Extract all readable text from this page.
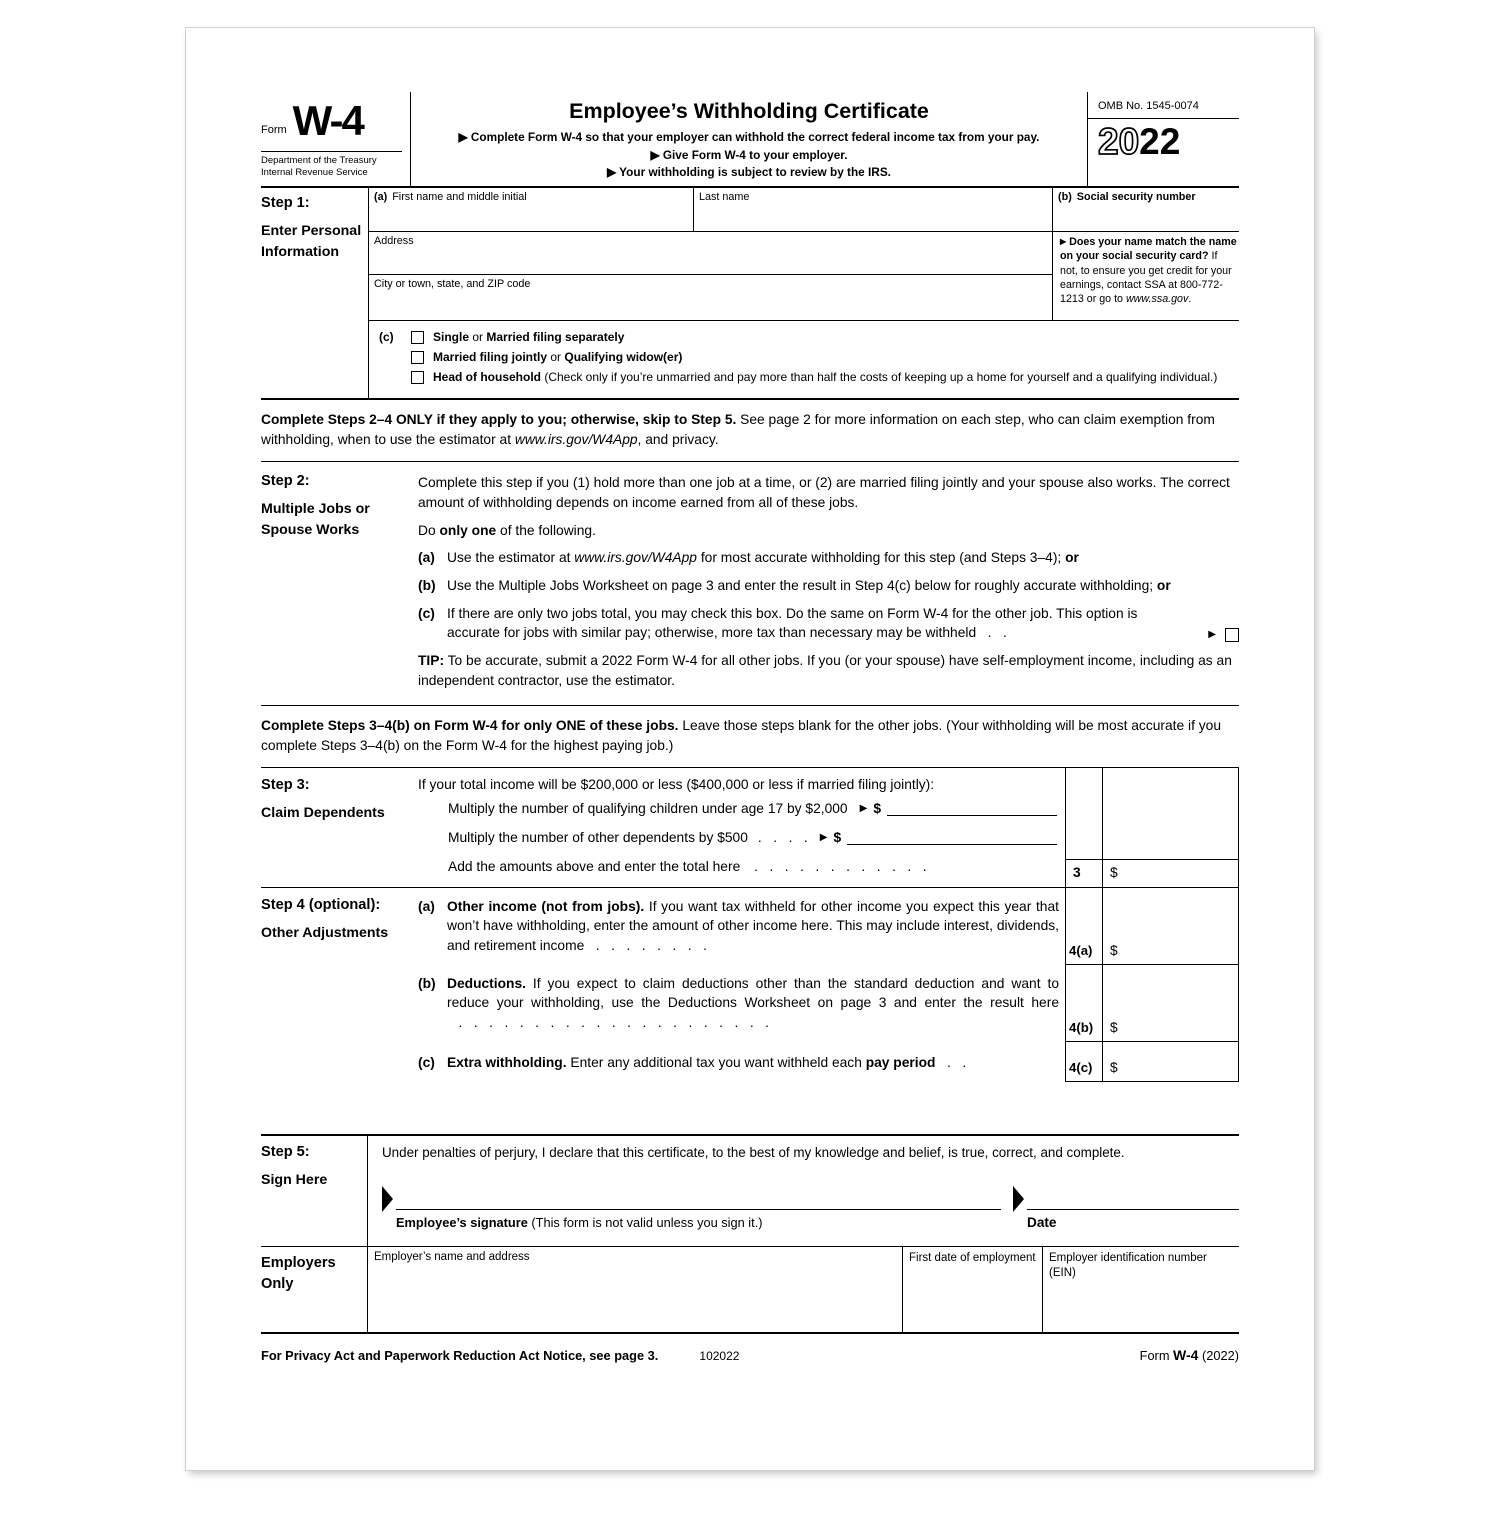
Form W-4
Department of the Treasury
Internal Revenue Service
Employee’s Withholding Certificate
▶ Complete Form W-4 so that your employer can withhold the correct federal income tax from your pay.
▶ Give Form W-4 to your employer.
▶ Your withholding is subject to review by the IRS.
OMB No. 1545-0074
2022
Step 1:
Enter Personal Information
(a) First name and middle initial	Last name	(b) Social security number
Address	▶ Does your name match the name on your social security card? If not, to ensure you get credit for your earnings, contact SSA at 800-772-1213 or go to www.ssa.gov.
City or town, state, and ZIP code
(c)	Single or Married filing separately
Married filing jointly or Qualifying widow(er)
Head of household (Check only if you’re unmarried and pay more than half the costs of keeping up a home for yourself and a qualifying individual.)
Complete Steps 2–4 ONLY if they apply to you; otherwise, skip to Step 5. See page 2 for more information on each step, who can claim exemption from withholding, when to use the estimator at www.irs.gov/W4App, and privacy.
Step 2:
Multiple Jobs or Spouse Works

Complete this step if you (1) hold more than one job at a time, or (2) are married filing jointly and your spouse also works. The correct amount of withholding depends on income earned from all of these jobs.

Do only one of the following.

(a) Use the estimator at www.irs.gov/W4App for most accurate withholding for this step (and Steps 3–4); or
(b) Use the Multiple Jobs Worksheet on page 3 and enter the result in Step 4(c) below for roughly accurate withholding; or
(c) If there are only two jobs total, you may check this box. Do the same on Form W-4 for the other job. This option is accurate for jobs with similar pay; otherwise, more tax than necessary may be withheld   .   .	▶
TIP: To be accurate, submit a 2022 Form W-4 for all other jobs. If you (or your spouse) have self-employment income, including as an independent contractor, use the estimator.
Complete Steps 3–4(b) on Form W-4 for only ONE of these jobs. Leave those steps blank for the other jobs. (Your withholding will be most accurate if you complete Steps 3–4(b) on the Form W-4 for the highest paying job.)
Step 3:
Claim Dependents
If your total income will be $200,000 or less ($400,000 or less if married filing jointly):
Multiply the number of qualifying children under age 17 by $2,000 ▶ $
Multiply the number of other dependents by $500 .   .   .   . ▶ $
Add the amounts above and enter the total here .   .   .   .   .   .   .   .   .   .   .   .	3	$
Step 4 (optional):
Other Adjustments
(a) Other income (not from jobs). If you want tax withheld for other income you expect this year that won’t have withholding, enter the amount of other income here. This may include interest, dividends, and retirement income   .   .   .   .   .   .   .   .	4(a) $
(b) Deductions. If you expect to claim deductions other than the standard deduction and want to reduce your withholding, use the Deductions Worksheet on page 3 and enter the result here   .   .   .   .   .   .   .   .   .   .   .   .   .   .   .   .   .   .   .   .   .	4(b) $
(c) Extra withholding. Enter any additional tax you want withheld each pay period   .   .	4(c) $
Step 5:
Sign Here
Under penalties of perjury, I declare that this certificate, to the best of my knowledge and belief, is true, correct, and complete.
Employee’s signature (This form is not valid unless you sign it.)	Date
Employers Only
Employer’s name and address	First date of employment	Employer identification number (EIN)
For Privacy Act and Paperwork Reduction Act Notice, see page 3.	102022	Form W-4 (2022)
